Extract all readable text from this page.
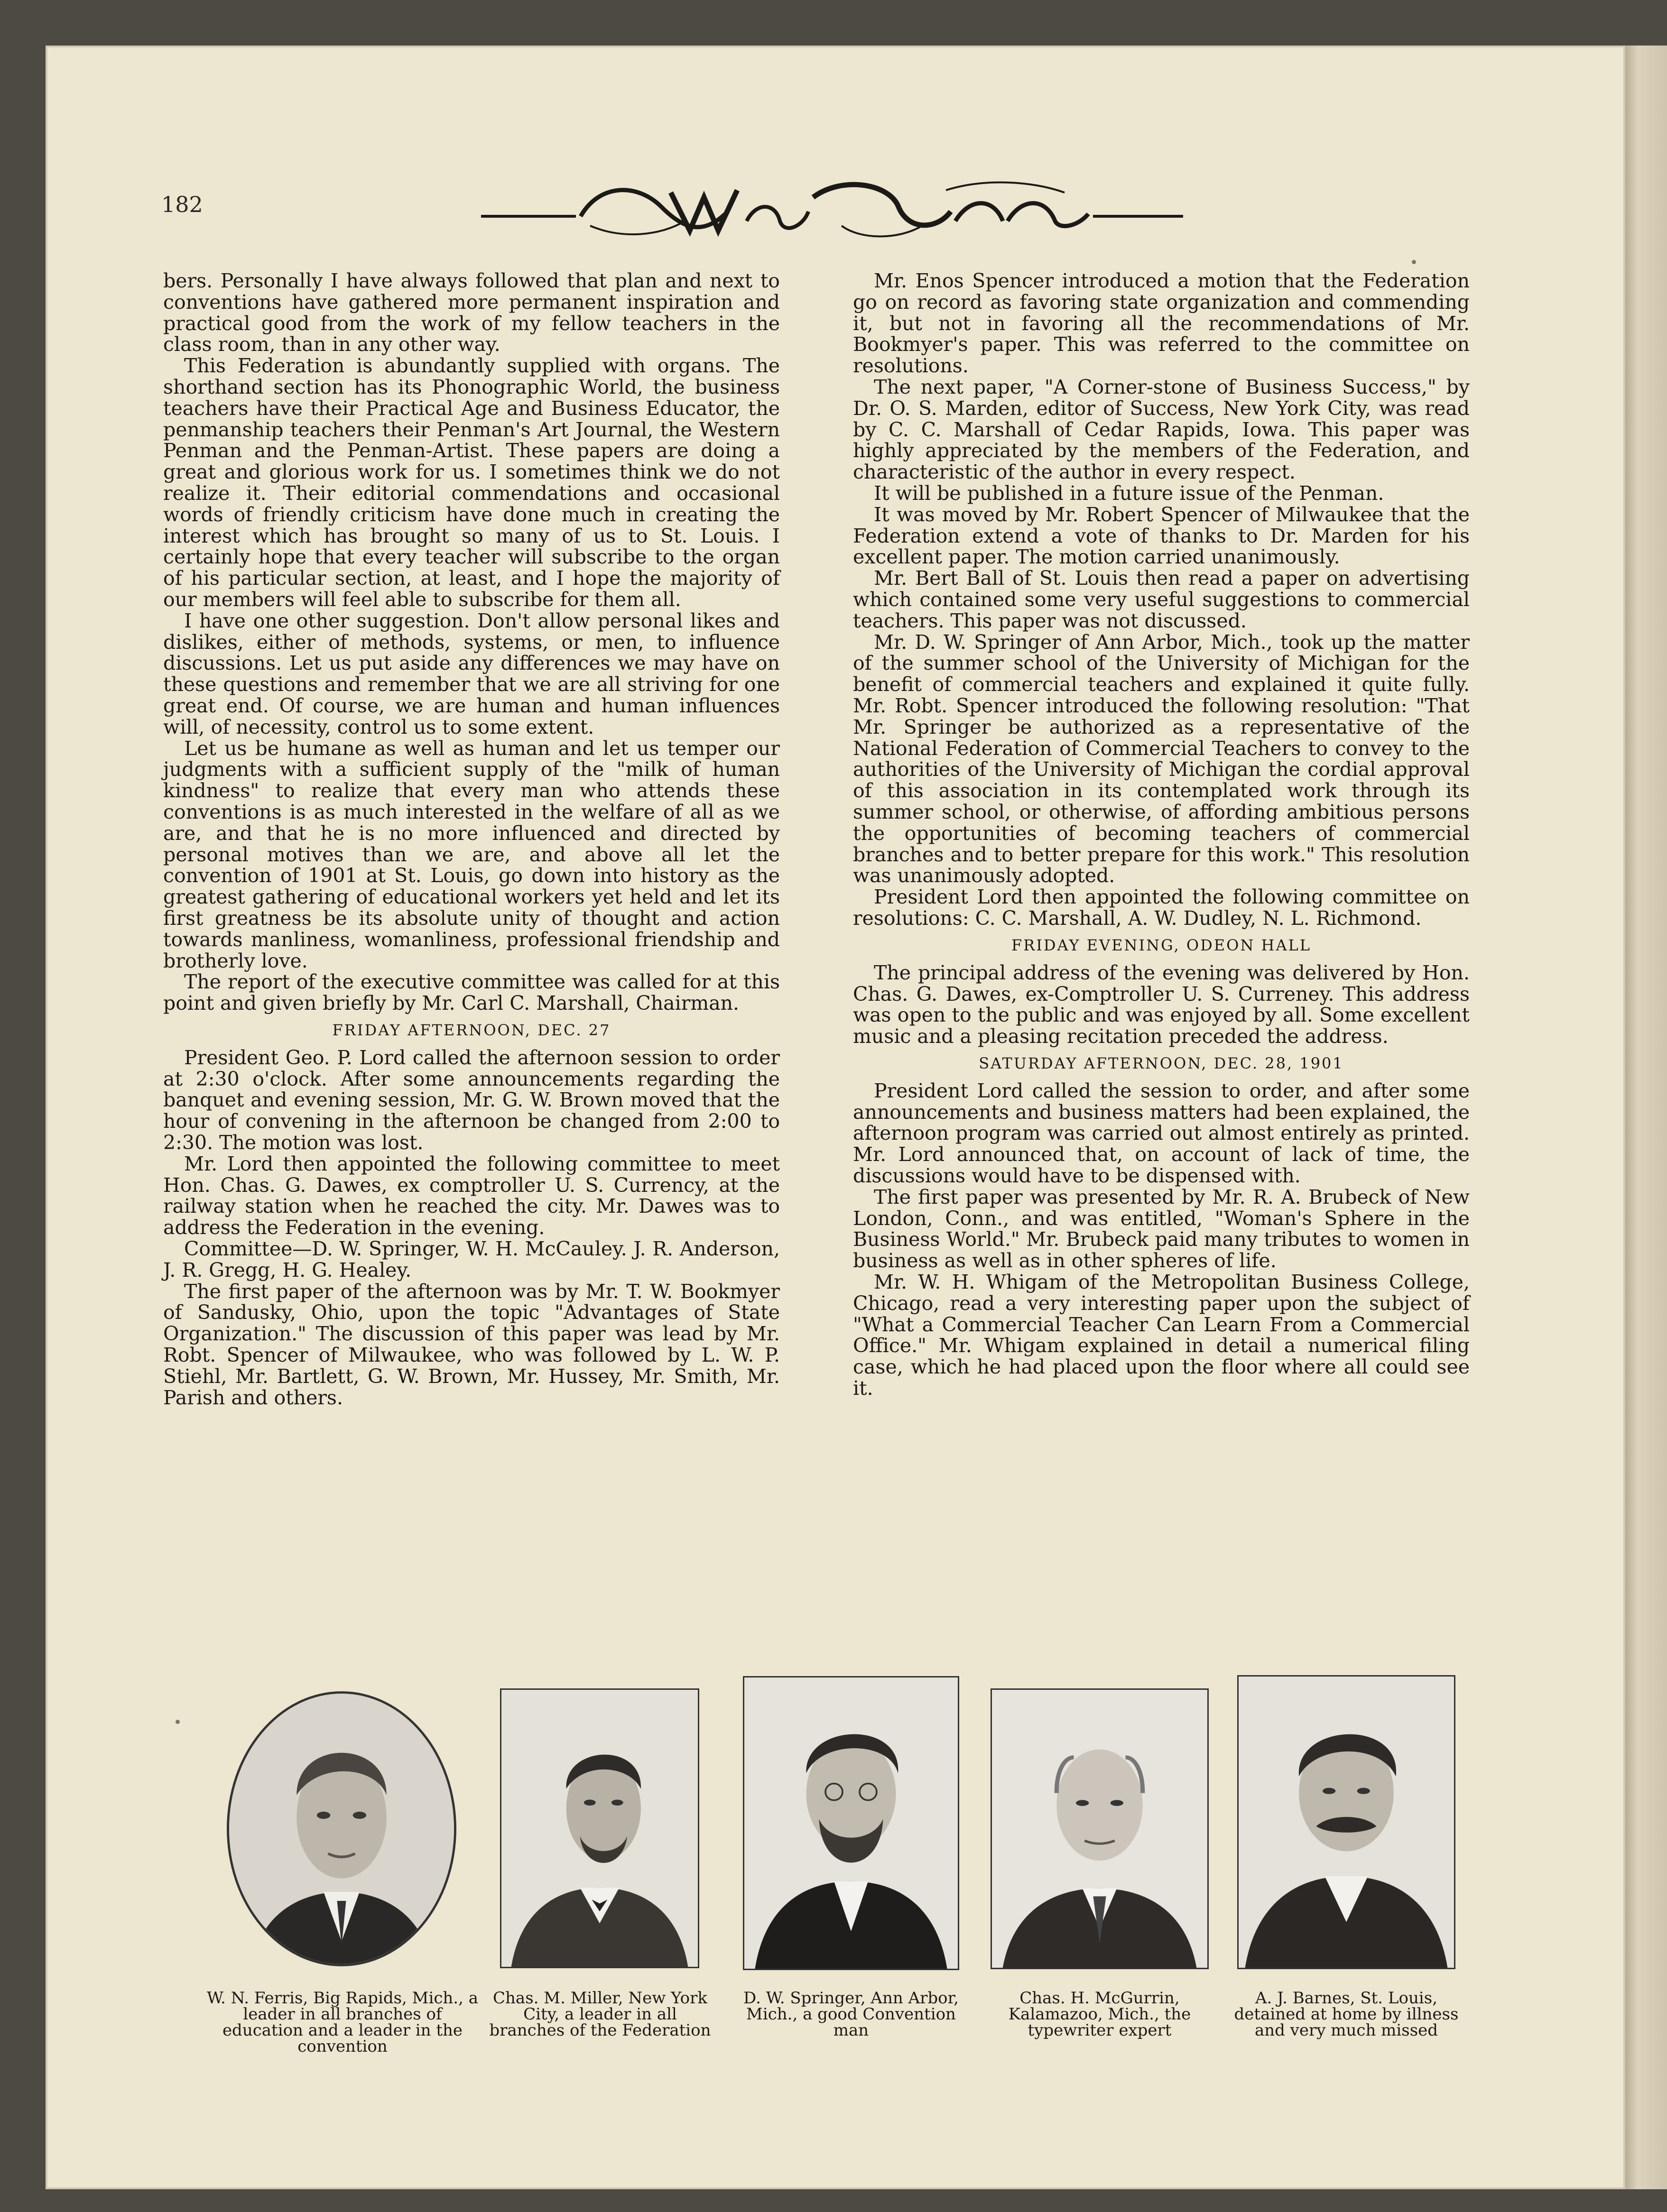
182
The Western Penman

bers. Personally I have always followed that plan and next to conventions have gathered more permanent inspiration and practical good from the work of my fellow teachers in the class room, than in any other way.

This Federation is abundantly supplied with organs. The shorthand section has its Phonographic World, the business teachers have their Practical Age and Business Educator, the penmanship teachers their Penman's Art Journal, the Western Penman and the Penman-Artist. These papers are doing a great and glorious work for us. I sometimes think we do not realize it. Their editorial commendations and occasional words of friendly criticism have done much in creating the interest which has brought so many of us to St. Louis. I certainly hope that every teacher will subscribe to the organ of his particular section, at least, and I hope the majority of our members will feel able to subscribe for them all.

I have one other suggestion. Don't allow personal likes and dislikes, either of methods, systems, or men, to influence discussions. Let us put aside any differences we may have on these questions and remember that we are all striving for one great end. Of course, we are human and human influences will, of necessity, control us to some extent.

Let us be humane as well as human and let us temper our judgments with a sufficient supply of the "milk of human kindness" to realize that every man who attends these conventions is as much interested in the welfare of all as we are, and that he is no more influenced and directed by personal motives than we are, and above all let the convention of 1901 at St. Louis, go down into history as the greatest gathering of educational workers yet held and let its first greatness be its absolute unity of thought and action towards manliness, womanliness, professional friendship and brotherly love.

The report of the executive committee was called for at this point and given briefly by Mr. Carl C. Marshall, Chairman.

FRIDAY AFTERNOON, DEC. 27

President Geo. P. Lord called the afternoon session to order at 2:30 o'clock. After some announcements regarding the banquet and evening session, Mr. G. W. Brown moved that the hour of convening in the afternoon be changed from 2:00 to 2:30. The motion was lost.

Mr. Lord then appointed the following committee to meet Hon. Chas. G. Dawes, ex comptroller U. S. Currency, at the railway station when he reached the city. Mr. Dawes was to address the Federation in the evening.

Committee—D. W. Springer, W. H. McCauley. J. R. Anderson, J. R. Gregg, H. G. Healey.

The first paper of the afternoon was by Mr. T. W. Bookmyer of Sandusky, Ohio, upon the topic "Advantages of State Organization." The discussion of this paper was lead by Mr. Robt. Spencer of Milwaukee, who was followed by L. W. P. Stiehl, Mr. Bartlett, G. W. Brown, Mr. Hussey, Mr. Smith, Mr. Parish and others.

Mr. Enos Spencer introduced a motion that the Federation go on record as favoring state organization and commending it, but not in favoring all the recommendations of Mr. Bookmyer's paper. This was referred to the committee on resolutions.

The next paper, "A Corner-stone of Business Success," by Dr. O. S. Marden, editor of Success, New York City, was read by C. C. Marshall of Cedar Rapids, Iowa. This paper was highly appreciated by the members of the Federation, and characteristic of the author in every respect.

It will be published in a future issue of the Penman.

It was moved by Mr. Robert Spencer of Milwaukee that the Federation extend a vote of thanks to Dr. Marden for his excellent paper. The motion carried unanimously.

Mr. Bert Ball of St. Louis then read a paper on advertising which contained some very useful suggestions to commercial teachers. This paper was not discussed.

Mr. D. W. Springer of Ann Arbor, Mich., took up the matter of the summer school of the University of Michigan for the benefit of commercial teachers and explained it quite fully. Mr. Robt. Spencer introduced the following resolution: "That Mr. Springer be authorized as a representative of the National Federation of Commercial Teachers to convey to the authorities of the University of Michigan the cordial approval of this association in its contemplated work through its summer school, or otherwise, of affording ambitious persons the opportunities of becoming teachers of commercial branches and to better prepare for this work." This resolution was unanimously adopted.

President Lord then appointed the following committee on resolutions: C. C. Marshall, A. W. Dudley, N. L. Richmond.

FRIDAY EVENING, ODEON HALL

The principal address of the evening was delivered by Hon. Chas. G. Dawes, ex-Comptroller U. S. Curreney. This address was open to the public and was enjoyed by all. Some excellent music and a pleasing recitation preceded the address.

SATURDAY AFTERNOON, DEC. 28, 1901

President Lord called the session to order, and after some announcements and business matters had been explained, the afternoon program was carried out almost entirely as printed. Mr. Lord announced that, on account of lack of time, the discussions would have to be dispensed with.

The first paper was presented by Mr. R. A. Brubeck of New London, Conn., and was entitled, "Woman's Sphere in the Business World." Mr. Brubeck paid many tributes to women in business as well as in other spheres of life.

Mr. W. H. Whigam of the Metropolitan Business College, Chicago, read a very interesting paper upon the subject of "What a Commercial Teacher Can Learn From a Commercial Office." Mr. Whigam explained in detail a numerical filing case, which he had placed upon the floor where all could see it.

W. N. Ferris, Big Rapids, Mich., a leader in all branches of education and a leader in the convention
Chas. M. Miller, New York City, a leader in all branches of the Federation
D. W. Springer, Ann Arbor, Mich., a good Convention man
Chas. H. McGurrin, Kalamazoo, Mich., the typewriter expert
A. J. Barnes, St. Louis, detained at home by illness and very much missed
